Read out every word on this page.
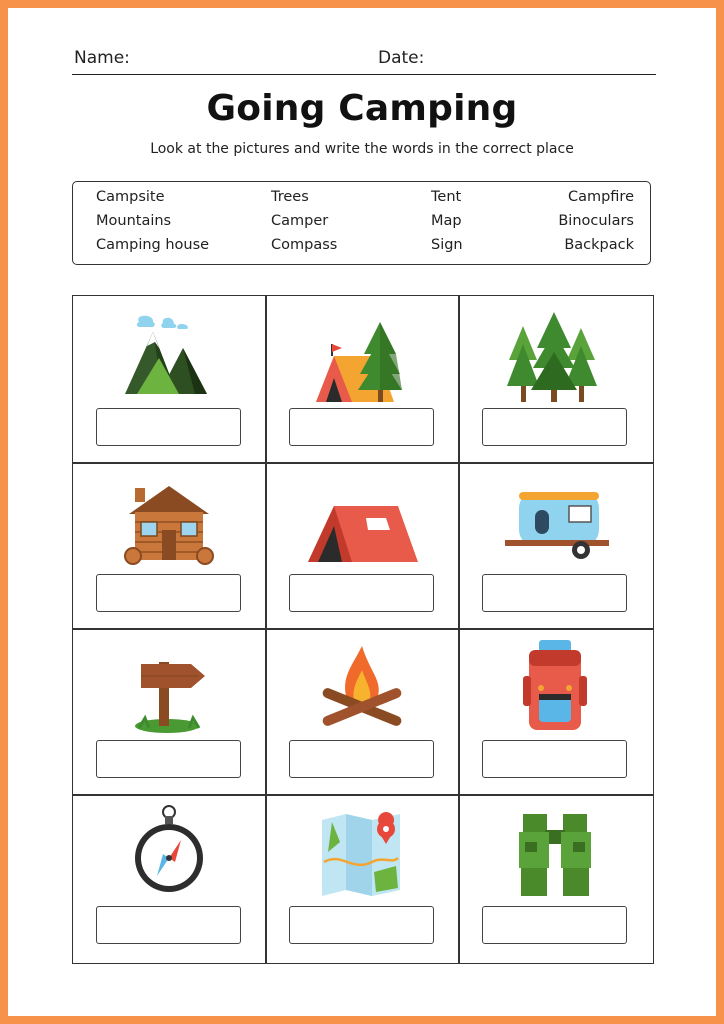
Name:	Date:
Going Camping
Look at the pictures and write the words in the correct place
Campsite	Trees	Tent	Campfire
Mountains	Camper	Map	Binoculars
Camping house	Compass	Sign	Backpack
